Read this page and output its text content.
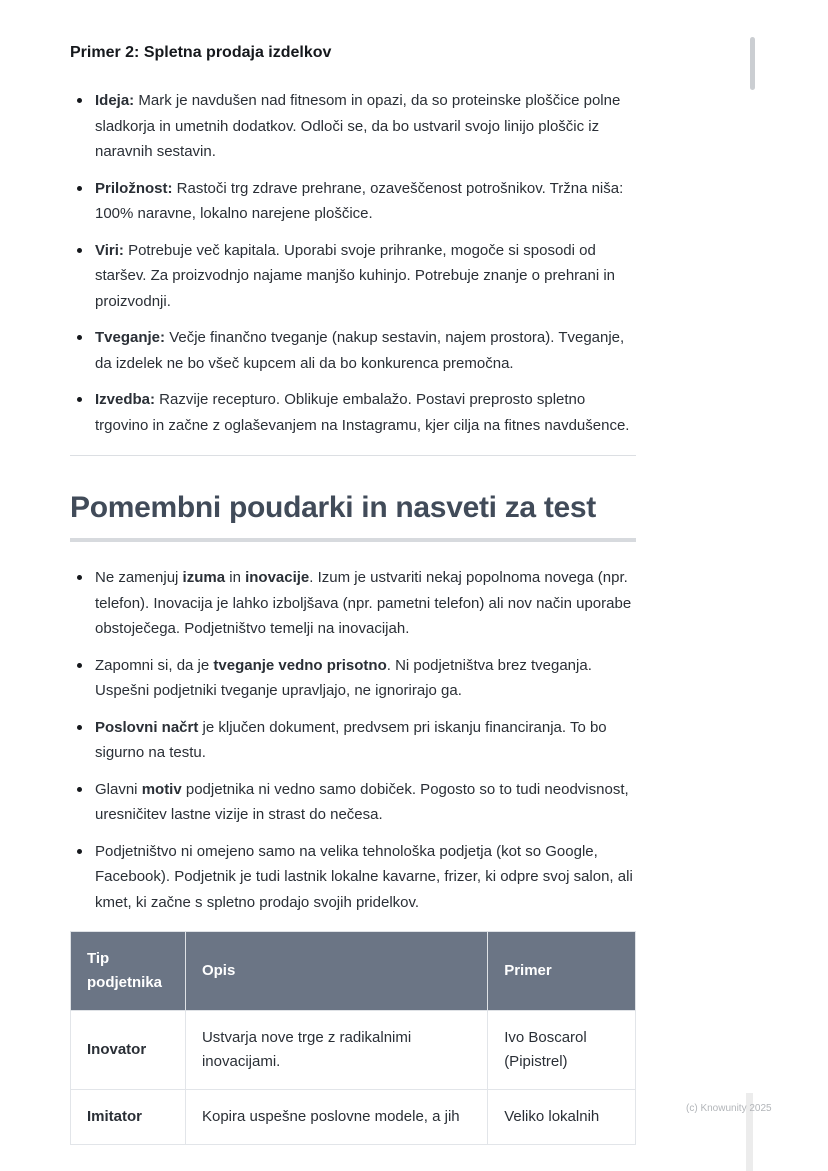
Primer 2: Spletna prodaja izdelkov
Ideja: Mark je navdušen nad fitnesom in opazi, da so proteinske ploščice polne sladkorja in umetnih dodatkov. Odloči se, da bo ustvaril svojo linijo ploščic iz naravnih sestavin.
Priložnost: Rastoči trg zdrave prehrane, ozaveščenost potrošnikov. Tržna niša: 100% naravne, lokalno narejene ploščice.
Viri: Potrebuje več kapitala. Uporabi svoje prihranke, mogoče si sposodi od staršev. Za proizvodnjo najame manjšo kuhinjo. Potrebuje znanje o prehrani in proizvodnji.
Tveganje: Večje finančno tveganje (nakup sestavin, najem prostora). Tveganje, da izdelek ne bo všeč kupcem ali da bo konkurenca premočna.
Izvedba: Razvije recepturo. Oblikuje embalažo. Postavi preprosto spletno trgovino in začne z oglaševanjem na Instagramu, kjer cilja na fitnes navdušence.
Pomembni poudarki in nasveti za test
Ne zamenjuj izuma in inovacije. Izum je ustvariti nekaj popolnoma novega (npr. telefon). Inovacija je lahko izboljšava (npr. pametni telefon) ali nov način uporabe obstoječega. Podjetništvo temelji na inovacijah.
Zapomni si, da je tveganje vedno prisotno. Ni podjetništva brez tveganja. Uspešni podjetniki tveganje upravljajo, ne ignorirajo ga.
Poslovni načrt je ključen dokument, predvsem pri iskanju financiranja. To bo sigurno na testu.
Glavni motiv podjetnika ni vedno samo dobiček. Pogosto so to tudi neodvisnost, uresničitev lastne vizije in strast do nečesa.
Podjetništvo ni omejeno samo na velika tehnološka podjetja (kot so Google, Facebook). Podjetnik je tudi lastnik lokalne kavarne, frizer, ki odpre svoj salon, ali kmet, ki začne s spletno prodajo svojih pridelkov.
Tip podjetnika	Opis	Primer
Inovator	Ustvarja nove trge z radikalnimi inovacijami.	Ivo Boscarol (Pipistrel)
Imitator	Kopira uspešne poslovne modele, a jih	Veliko lokalnih	(c) Knowunity 2025
